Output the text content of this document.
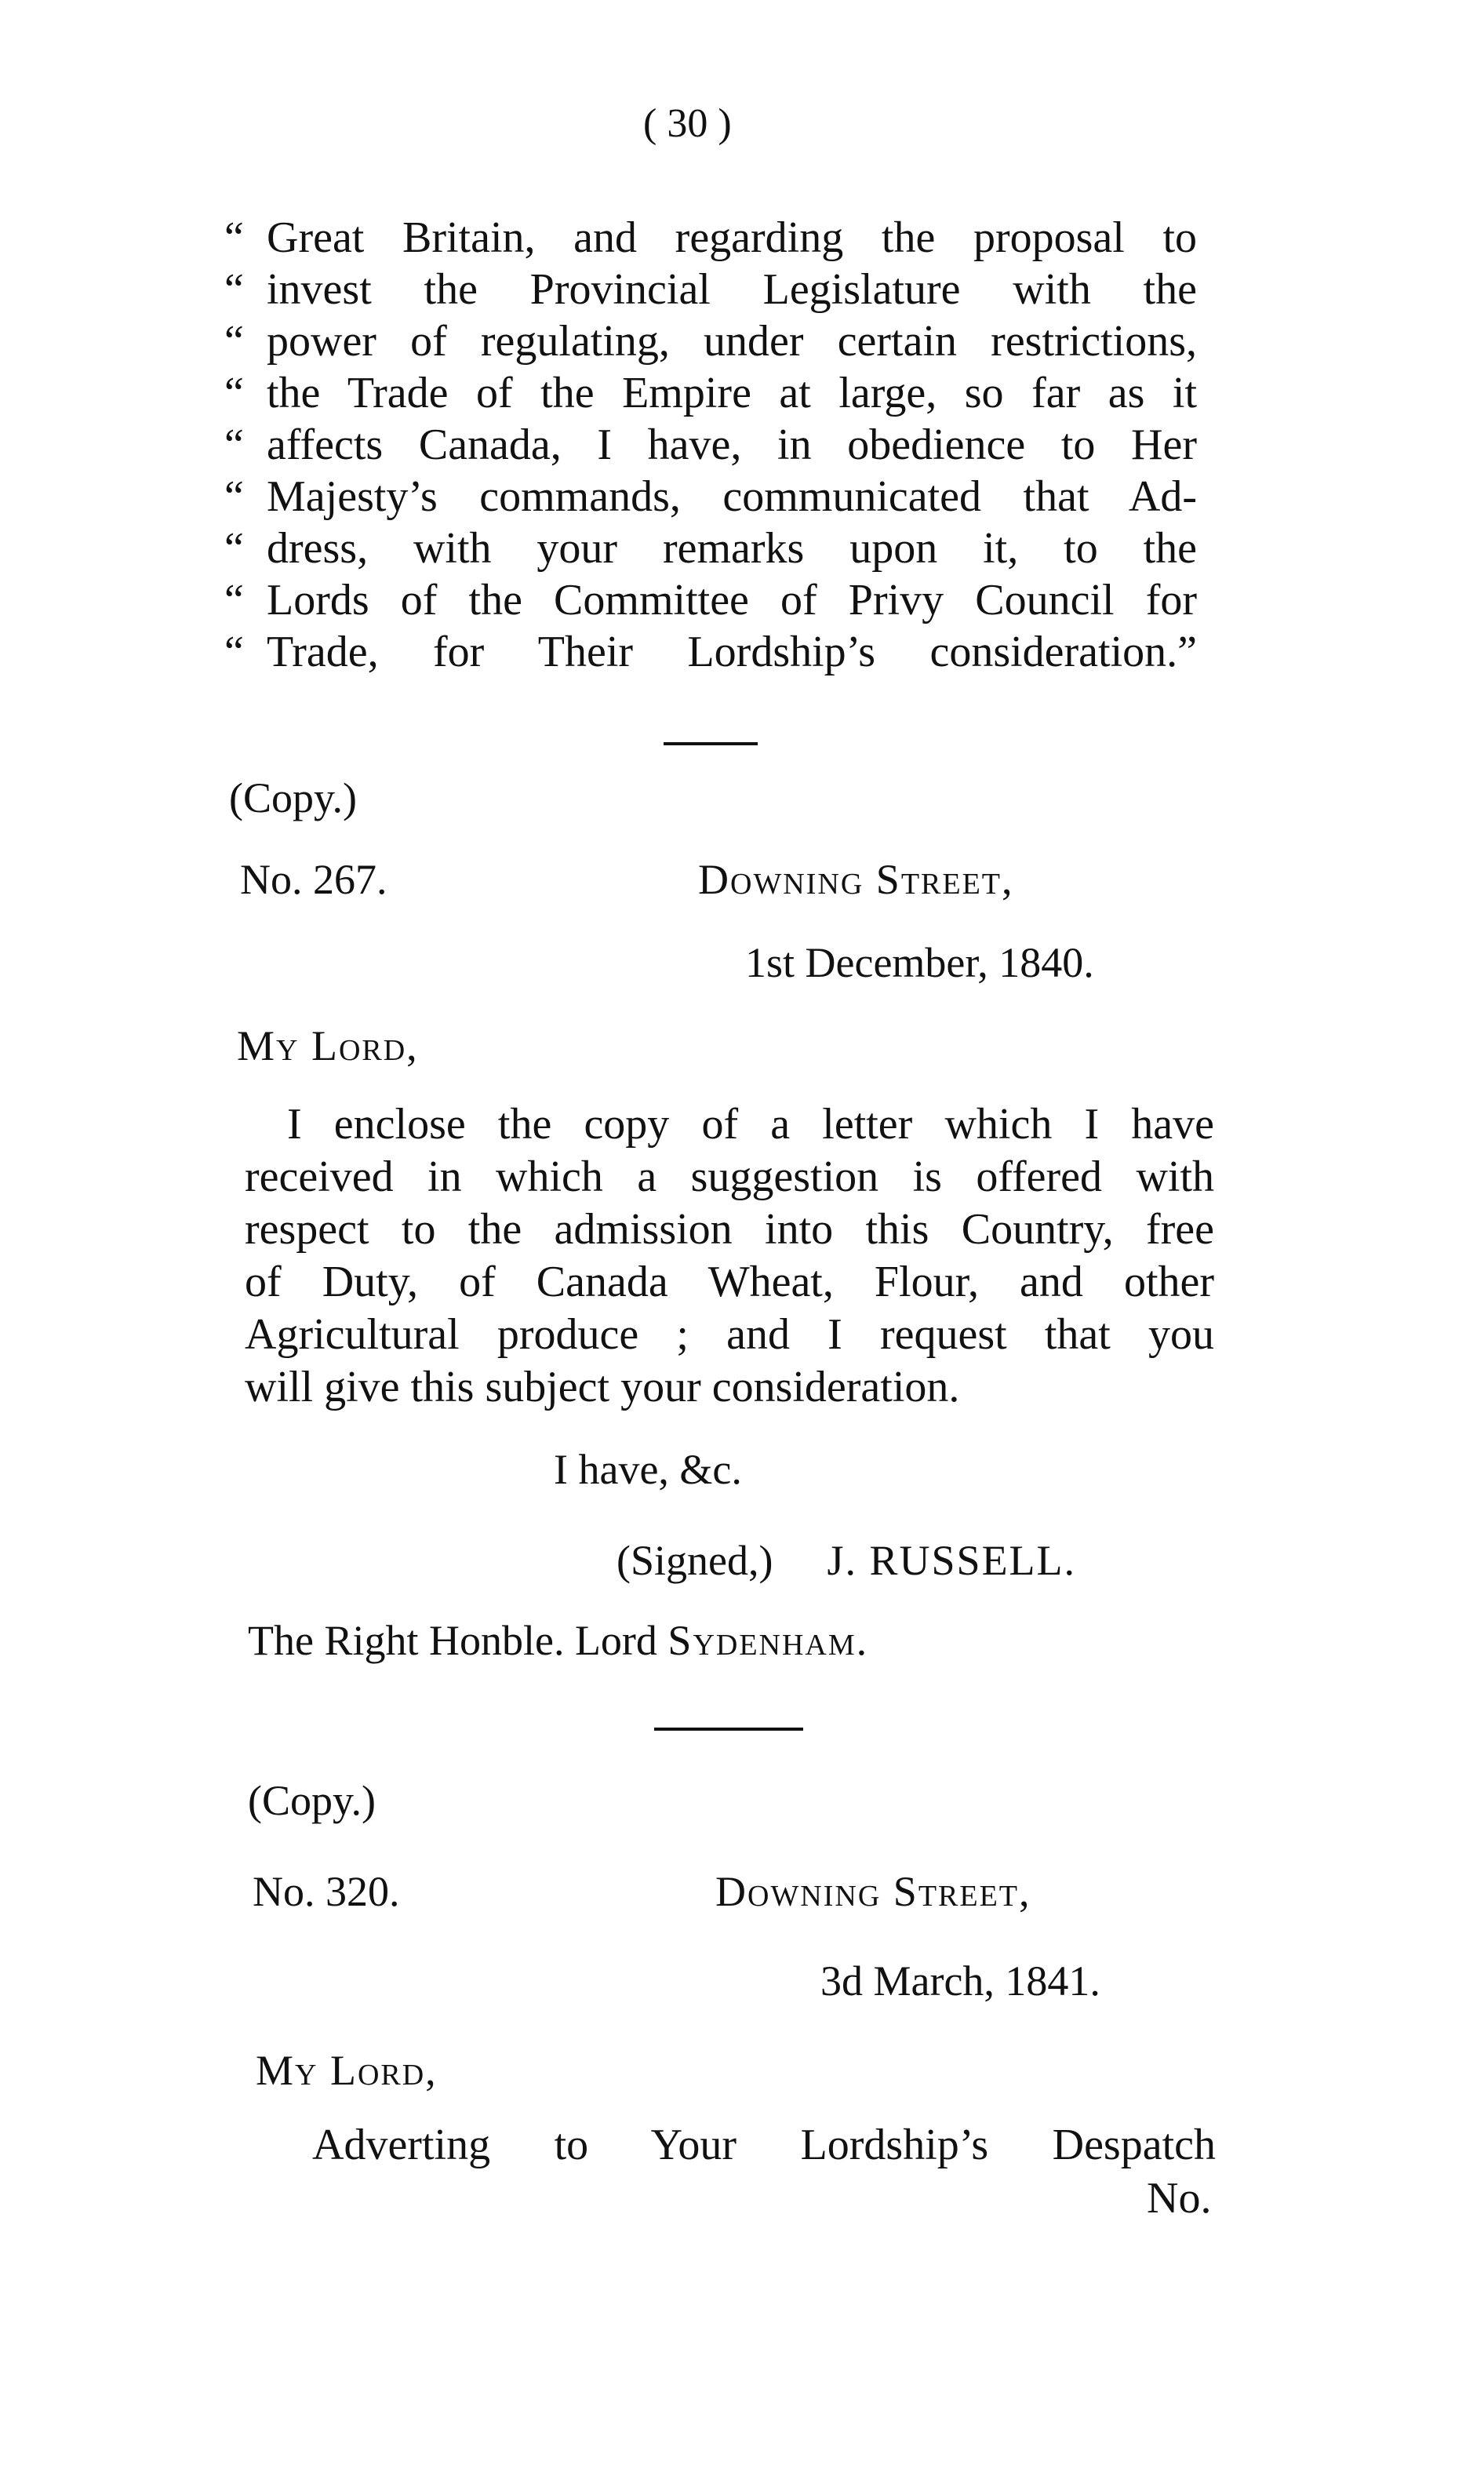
( 30 )
“ Great Britain, and regarding the proposal to
“ invest the Provincial Legislature with the
“ power of regulating, under certain restrictions,
“ the Trade of the Empire at large, so far as it
“ affects Canada, I have, in obedience to Her
“ Majesty’s commands, communicated that Ad-
“ dress, with your remarks upon it, to the
“ Lords of the Committee of Privy Council for
“ Trade, for Their Lordship’s consideration.”
(Copy.)
No. 267.	Downing Street,
1st December, 1840.
My Lord,
I enclose the copy of a letter which I have
received in which a suggestion is offered with
respect to the admission into this Country, free
of Duty, of Canada Wheat, Flour, and other
Agricultural produce ; and I request that you
will give this subject your consideration.
I have, &c.
(Signed,) J. RUSSELL.
The Right Honble. Lord Sydenham.
(Copy.)
No. 320.	Downing Street,
3d March, 1841.
My Lord,
Adverting to Your Lordship’s Despatch
No.
